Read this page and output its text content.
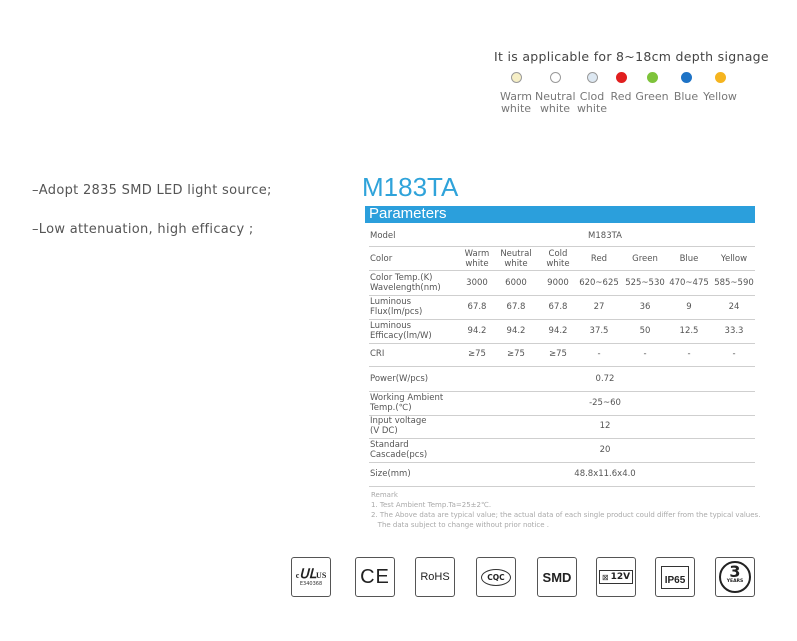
It is applicable for 8~18cm depth signage
Warm
white
Neutral
white
Clod
white
Red Green Blue Yellow
–Adopt 2835 SMD LED light source;
–Low attenuation, high efficacy ;
M183TA
Parameters
Model	M183TA
Color	Warm
white
Neutral
white
Cold
white	Red	Green	Blue	Yellow
Color Temp.(K)
Wavelength(nm)	3000	6000	9000	620~625 525~530 470~475 585~590
Luminous
Flux(lm/pcs)	67.8	67.8	67.8	27	36	9	24
Luminous
Efficacy(lm/W)	94.2	94.2	94.2	37.5	50	12.5	33.3
CRI	≥75	≥75	≥75	-	-	-	-
Power(W/pcs)	0.72
Working Ambient
Temp.(℃)	-25~60
Input voltage
(V DC)	12
Standard
Cascade(pcs)	20
Size(mm)	48.8x11.6x4.0
Remark
1. Test Ambient Temp.Ta=25±2℃.
2. The Above data are typical value; the actual data of each single product could differ from the typical values.
The data subject to change without prior notice .
cᑌᒪUS
E340368 CE	RoHS	CQC	SMD	⊠ 12V	IP65	3
YEARS
